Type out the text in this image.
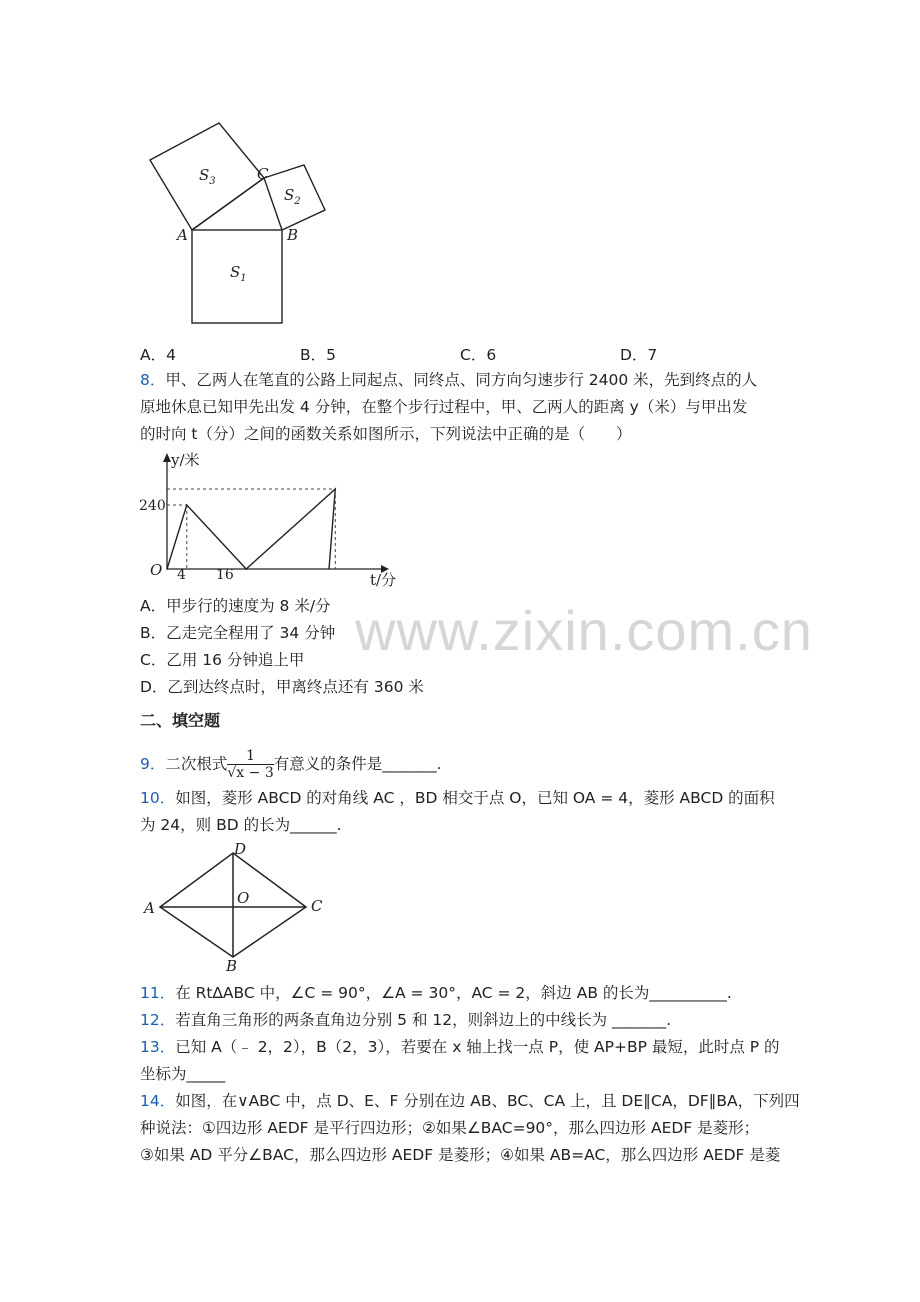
$S_3$
$S_2$
$S_1$
A	B
C
A．4	B．5	C．6	D．7
8．甲、乙两人在笔直的公路上同起点、同终点、同方向匀速步行 2400 米，先到终点的人
原地休息已知甲先出发 4 分钟，在整个步行过程中，甲、乙两人的距离 y（米）与甲出发
的时向 t（分）之间的函数关系如图所示，下列说法中正确的是（　　）
y/米
t/分
O
240
4 16
A．甲步行的速度为 8 米/分
B．乙走完全程用了 34 分钟
C．乙用 16 分钟追上甲
D．乙到达终点时，甲离终点还有 360 米
www.zixin.com.cn
二、填空题
9．二次根式 $\frac{1}{√x - 3}$ 有意义的条件是_______.
10．如图，菱形 ABCD 的对角线 AC ，BD 相交于点 O，已知 OA = 4，菱形 ABCD 的面积
为 24，则 BD 的长为______.
A	C
D
B
O
11．在 Rt∆ABC 中，∠C = 90°，∠A = 30°，AC = 2，斜边 AB 的长为__________.
12．若直角三角形的两条直角边分别 5 和 12，则斜边上的中线长为 _______.
13．已知 A（﹣ 2，2），B（2，3），若要在 x 轴上找一点 P，使 AP+BP 最短，此时点 P 的
坐标为_____
14．如图，在∨ABC 中，点 D、E、F 分别在边 AB、BC、CA 上，且 DE∥CA，DF∥BA，下列四
种说法：①四边形 AEDF 是平行四边形；②如果∠BAC=90°，那么四边形 AEDF 是菱形；
③如果 AD 平分∠BAC，那么四边形 AEDF 是菱形；④如果 AB=AC，那么四边形 AEDF 是菱
